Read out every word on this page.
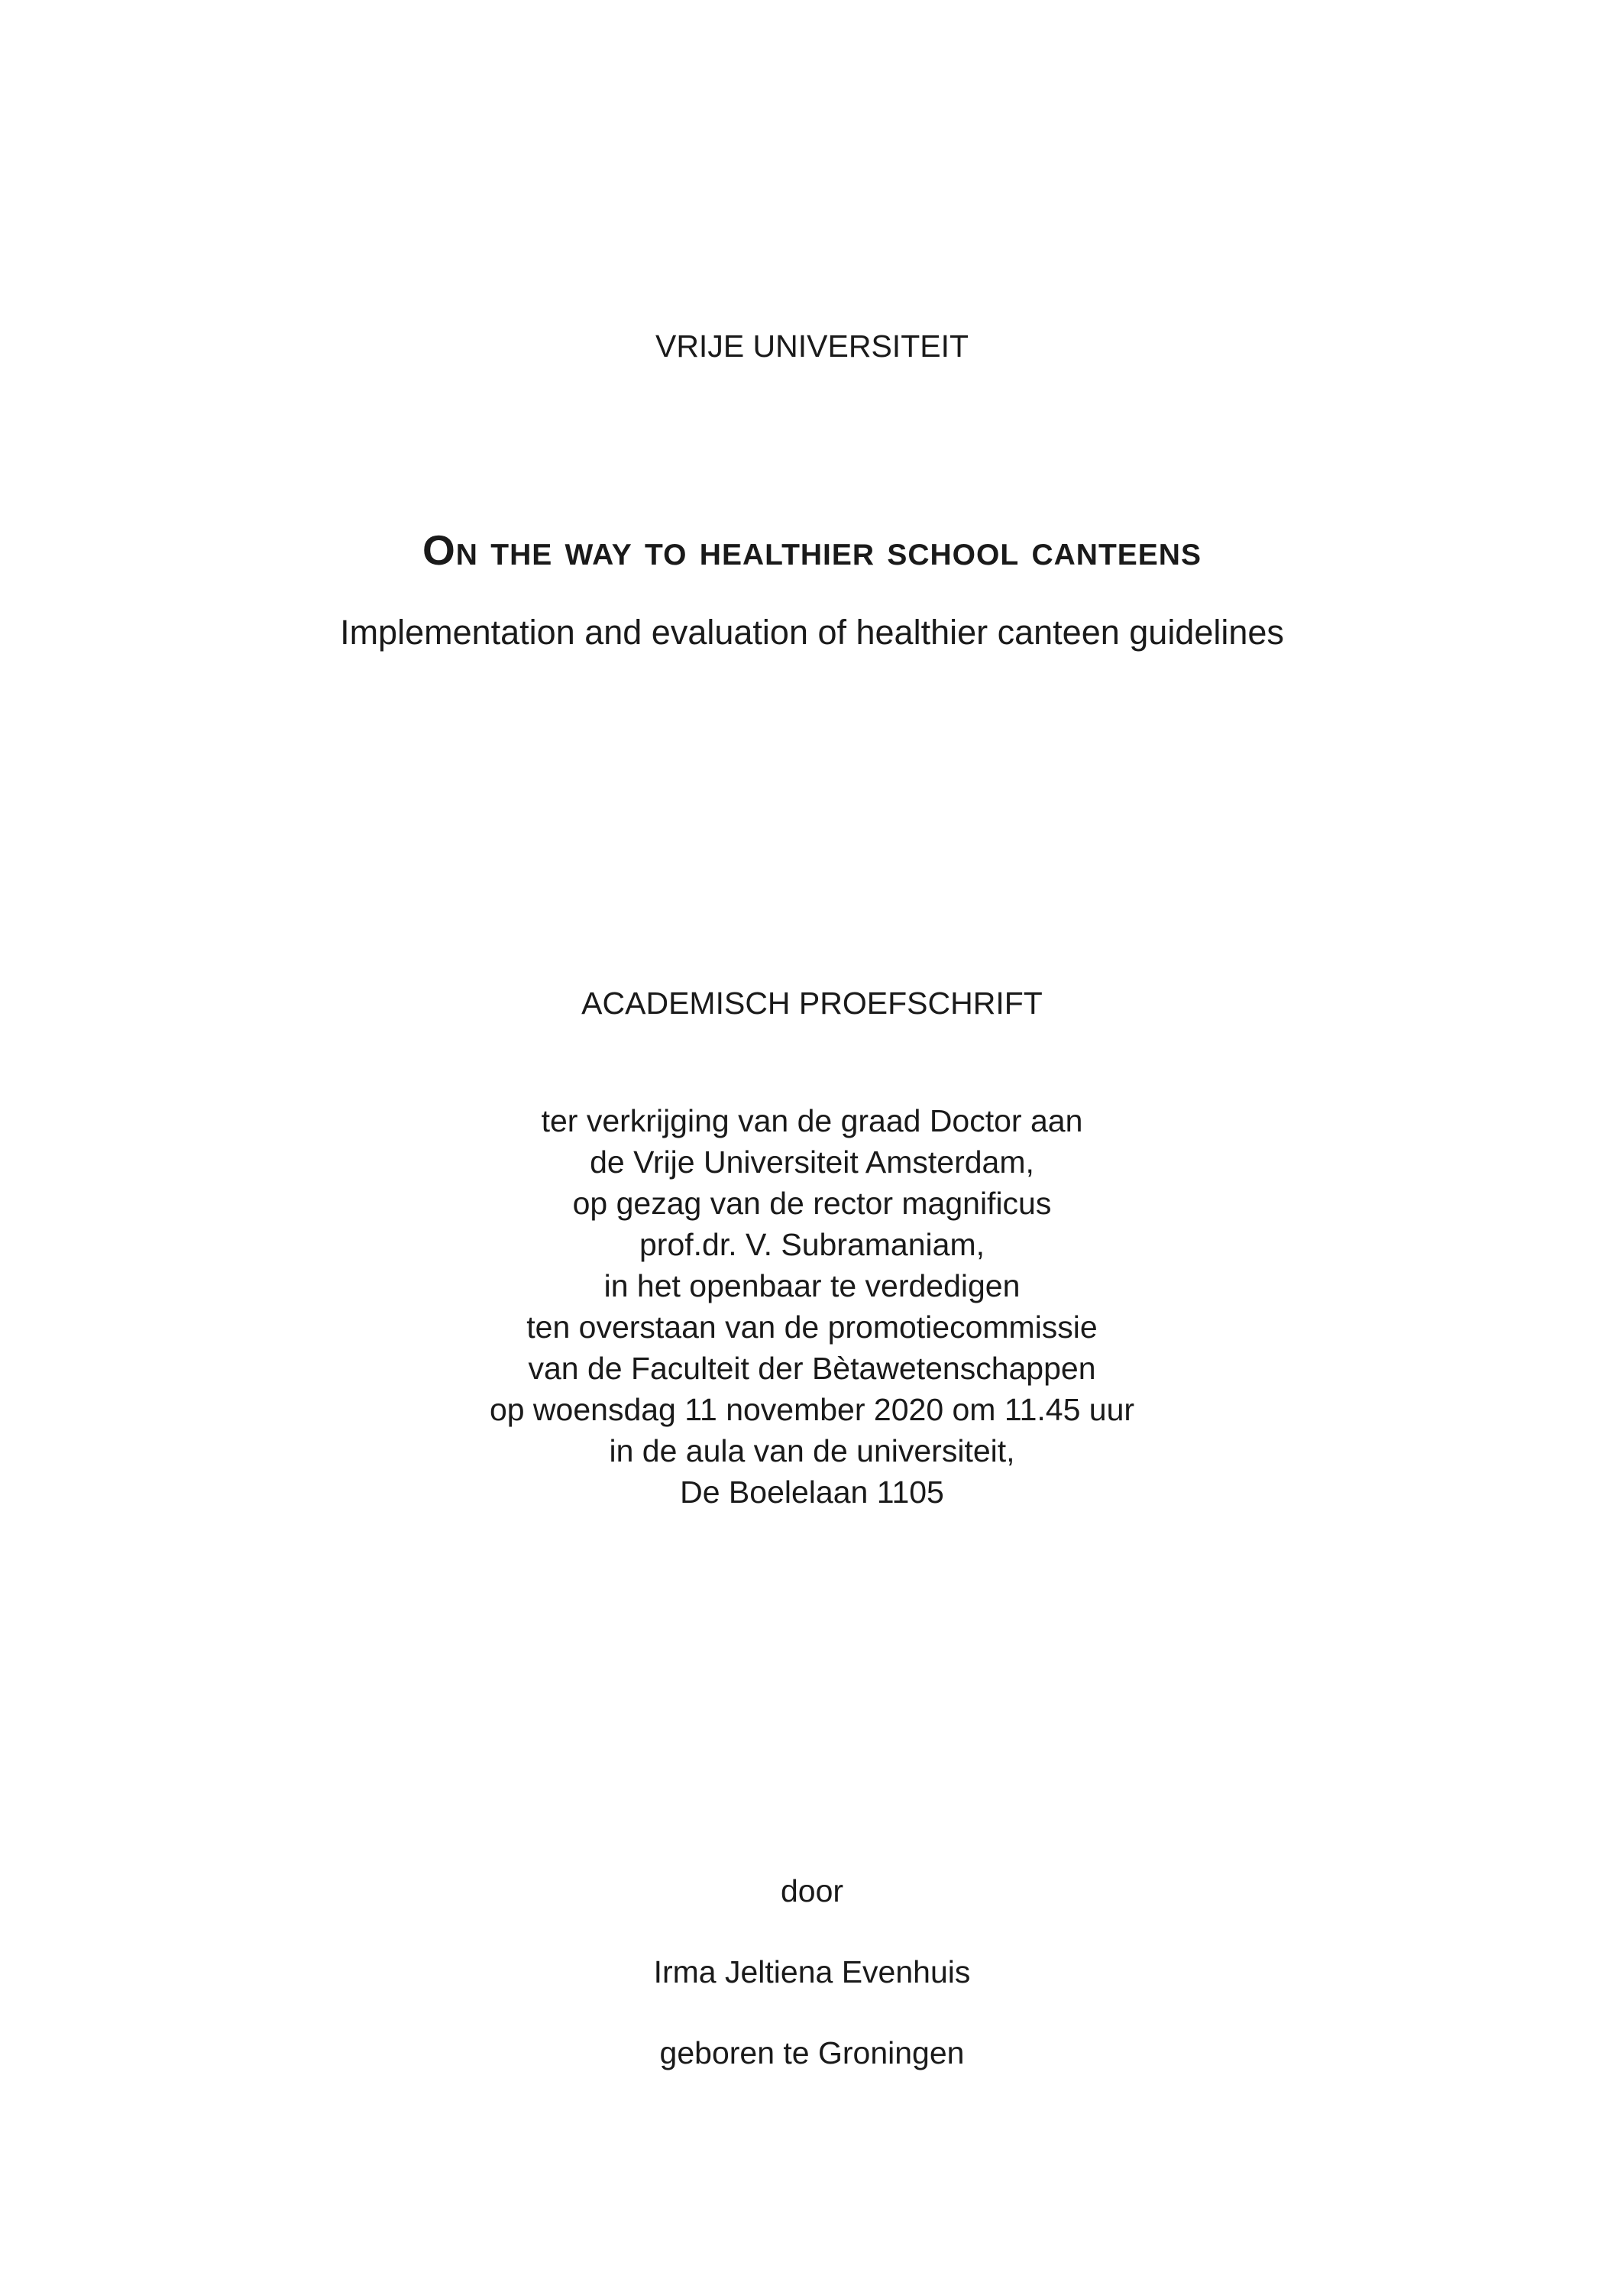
VRIJE UNIVERSITEIT
On the way to healthier school canteens
Implementation and evaluation of healthier canteen guidelines
ACADEMISCH PROEFSCHRIFT
ter verkrijging van de graad Doctor aan
de Vrije Universiteit Amsterdam,
op gezag van de rector magnificus
prof.dr. V. Subramaniam,
in het openbaar te verdedigen
ten overstaan van de promotiecommissie
van de Faculteit der Bètawetenschappen
op woensdag 11 november 2020 om 11.45 uur
in de aula van de universiteit,
De Boelelaan 1105
door
Irma Jeltiena Evenhuis
geboren te Groningen
